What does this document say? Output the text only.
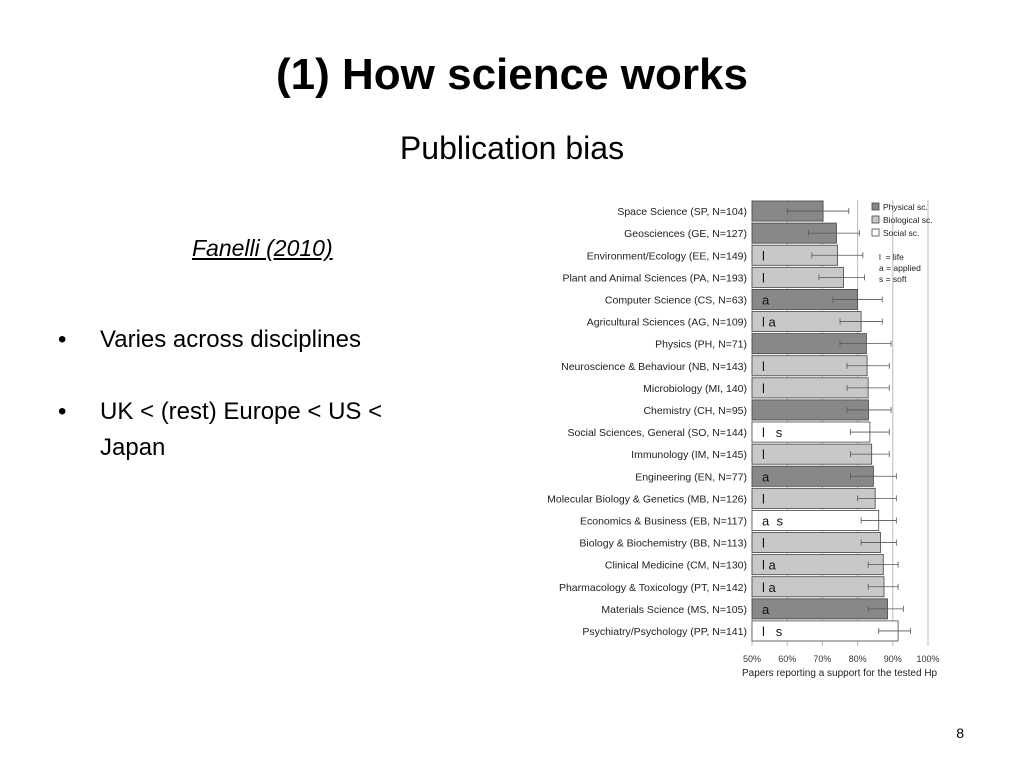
(1) How science works
Publication bias
Fanelli (2010)
• Varies across disciplines
• UK < (rest) Europe < US < Japan
Space Science (SP, N=104)
Geosciences (GE, N=127)
Environment/Ecology (EE, N=149) l
Plant and Animal Sciences (PA, N=193) l
Computer Science (CS, N=63) a
Agricultural Sciences (AG, N=109) l a
Physics (PH, N=71)
Neuroscience & Behaviour (NB, N=143) l
Microbiology (MI, 140) l
Chemistry (CH, N=95)
Social Sciences, General (SO, N=144) l   s
Immunology (IM, N=145) l
Engineering (EN, N=77) a
Molecular Biology & Genetics (MB, N=126) l
Economics & Business (EB, N=117) a  s
Biology & Biochemistry (BB, N=113) l
Clinical Medicine (CM, N=130) l a
Pharmacology & Toxicology (PT, N=142) l a
Materials Science (MS, N=105) a
Psychiatry/Psychology (PP, N=141) l   s
50% 60% 70% 80% 90% 100%
Papers reporting a support for the tested Hp
Physical sc.
Biological sc.
Social sc.
l  = life
a = applied
s = soft
8
